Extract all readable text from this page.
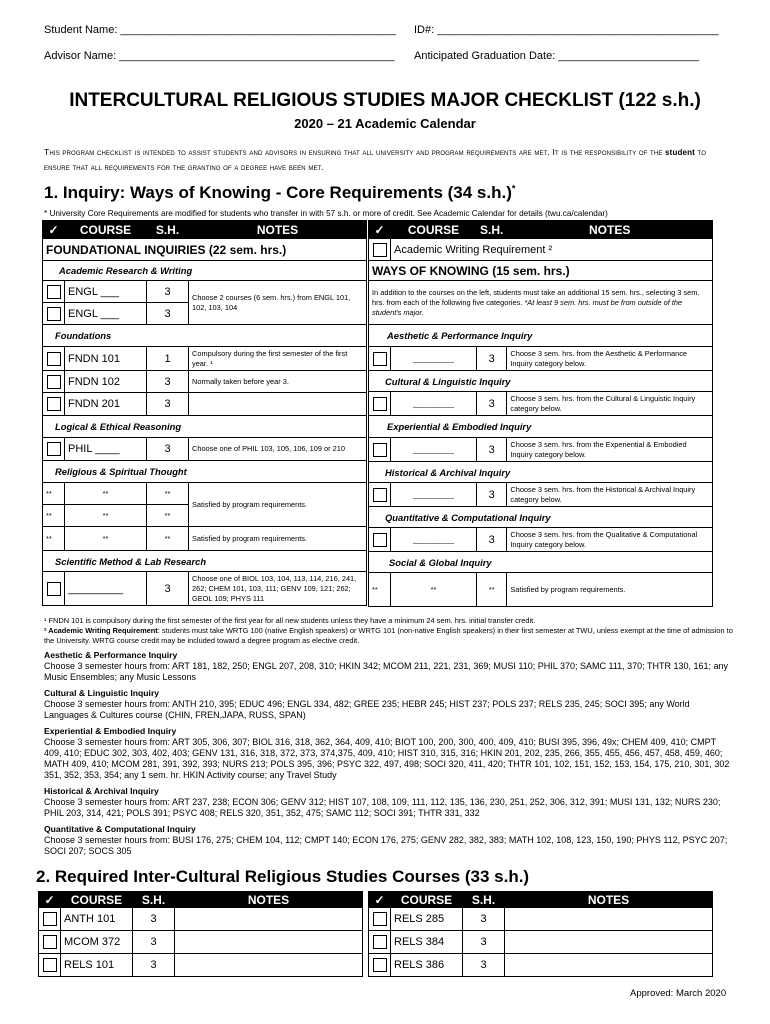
Student Name: _____________________________________________ ID#: ______________________________________________
Advisor Name: _____________________________________________ Anticipated Graduation Date: _______________________
INTERCULTURAL RELIGIOUS STUDIES MAJOR CHECKLIST (122 s.h.)
2020 – 21 Academic Calendar
This program checklist is intended to assist students and advisors in ensuring that all university and program requirements are met. It is the responsibility of the student to ensure that all requirements for the granting of a degree have been met.
1. Inquiry: Ways of Knowing - Core Requirements (34 s.h.)*
* University Core Requirements are modified for students who transfer in with 57 s.h. or more of credit. See Academic Calendar for details (twu.ca/calendar)
✓	COURSE	S.H.	NOTES
FOUNDATIONAL INQUIRIES (22 sem. hrs.)			
Academic Research & Writing			
	ENGL ___	3	Choose 2 courses (6 sem. hrs.) from ENGL 101, 102, 103, 104
	ENGL ___	3	
Foundations			
	FNDN 101	1	Compulsory during the first semester of the first year. ¹
	FNDN 102	3	Normally taken before year 3.
	FNDN 201	3	
Logical & Ethical Reasoning			
	PHIL ____	3	Choose one of PHIL 103, 105, 106, 109 or 210
Religious & Spiritual Thought			
**	**	**	Satisfied by program requirements.
**	**	**	
**	**	**	Satisfied by program requirements.
Scientific Method & Lab Research			
	_________	3	Choose one of BIOL 103, 104, 113, 114, 216, 241, 262; CHEM 101, 103, 111; GENV 109, 121; 262; GEOL 109; PHYS 111
✓	COURSE	S.H.	NOTES
	Academic Writing Requirement ²		
WAYS OF KNOWING (15 sem. hrs.)			
In addition to the courses on the left, students must take an additional 15 sem. hrs., selecting 3 sem. hrs. from each of the following five categories. *At least 9 sem. hrs. must be from outside of the student's major.			
Aesthetic & Performance Inquiry			
	__________	3	Choose 3 sem. hrs. from the Aesthetic & Performance Inquiry category below.
Cultural & Linguistic Inquiry			
	__________	3	Choose 3 sem. hrs. from the Cultural & Linguistic Inquiry category below.
Experiential & Embodied Inquiry			
	__________	3	Choose 3 sem. hrs. from the Experiential & Embodied Inquiry category below.
Historical & Archival Inquiry			
	__________	3	Choose 3 sem. hrs. from the Historical & Archival Inquiry category below.
Quantitative & Computational Inquiry			
	__________	3	Choose 3 sem. hrs. from the Qualitative & Computational Inquiry category below.
Social & Global Inquiry			
**	**	**	Satisfied by program requirements.
¹ FNDN 101 is compulsory during the first semester of the first year for all new students unless they have a minimum 24 sem. hrs. initial transfer credit.
² Academic Writing Requirement: students must take WRTG 100 (native English speakers) or WRTG 101 (non-native English speakers) in their first semester at TWU, unless exempt at the time of admission to the University. WRTG course credit may be included toward a degree program as elective credit.
Aesthetic & Performance Inquiry
Choose 3 semester hours from: ART 181, 182, 250; ENGL 207, 208, 310; HKIN 342; MCOM 211, 221, 231, 369; MUSI 110; PHIL 370; SAMC 111, 370; THTR 130, 161; any Music Ensembles; any Music Lessons
Cultural & Linguistic Inquiry
Choose 3 semester hours from: ANTH 210, 395; EDUC 496; ENGL 334, 482; GREE 235; HEBR 245; HIST 237; POLS 237; RELS 235, 245; SOCI 395; any World Languages & Cultures course (CHIN, FREN,JAPA, RUSS, SPAN)
Experiential & Embodied Inquiry
Choose 3 semester hours from: ART 305, 306, 307; BIOL 316, 318, 362, 364, 409, 410; BIOT 100, 200, 300, 400, 409, 410; BUSI 395, 396, 49x; CHEM 409, 410; CMPT 409, 410; EDUC 302, 303, 402, 403; GENV 131, 316, 318, 372, 373, 374,375, 409, 410; HIST 310, 315, 316; HKIN 201, 202, 235, 266, 355, 455, 456, 457, 458, 459, 460; MATH 409, 410; MCOM 281, 391, 392, 393; NURS 213; POLS 395, 396; PSYC 322, 497, 498; SOCI 320, 411, 420; THTR 101, 102, 151, 152, 153, 154, 175, 210, 301, 302 351, 352, 353, 354; any 1 sem. hr. HKIN Activity course; any Travel Study
Historical & Archival Inquiry
Choose 3 semester hours from: ART 237, 238; ECON 306; GENV 312; HIST 107, 108, 109, 111, 112, 135, 136, 230, 251, 252, 306, 312, 391; MUSI 131, 132; NURS 230; PHIL 203, 314, 421; POLS 391; PSYC 408; RELS 320, 351, 352, 475; SAMC 112; SOCI 391; THTR 331, 332
Quantitative & Computational Inquiry
Choose 3 semester hours from: BUSI 176, 275; CHEM 104, 112; CMPT 140; ECON 176, 275; GENV 282, 382, 383; MATH 102, 108, 123, 150, 190; PHYS 112, PSYC 207; SOCI 207; SOCS 305
2. Required Inter-Cultural Religious Studies Courses (33 s.h.)
✓	COURSE	S.H.	NOTES
	ANTH 101	3	
	MCOM 372	3	
	RELS 101	3	
✓	COURSE	S.H.	NOTES
	RELS 285	3	
	RELS 384	3	
	RELS 386	3	
Approved: March 2020
